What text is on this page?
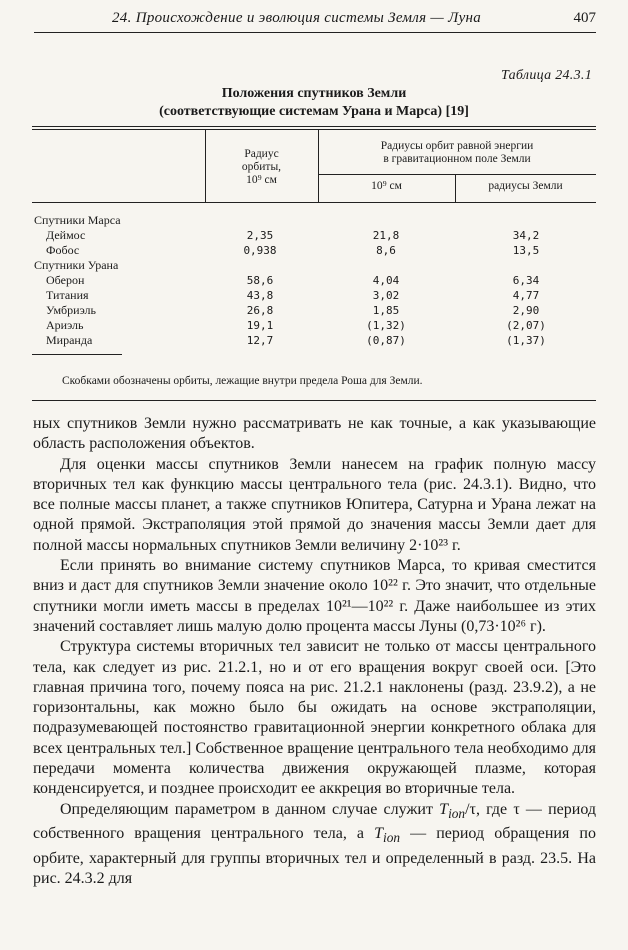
24. Происхождение и эволюция системы Земля — Луна	407
Таблица 24.3.1
Положения спутников Земли
(соответствующие системам Урана и Марса) [19]
Радиус
орбиты,
10⁹ см
Радиусы орбит равной энергии
в гравитационном поле Земли
10⁹ см	радиусы Земли
Спутники Марса
Деймос	2,35	21,8	34,2
Фобос	0,938	8,6	13,5
Спутники Урана
Оберон	58,6	4,04	6,34
Титания	43,8	3,02	4,77
Умбриэль	26,8	1,85	2,90
Ариэль	19,1	(1,32)	(2,07)
Миранда	12,7	(0,87)	(1,37)
Скобками обозначены орбиты, лежащие внутри предела Роша для Земли.

ных спутников Земли нужно рассматривать не как точные, а как указывающие область расположения объектов.

Для оценки массы спутников Земли нанесем на график полную массу вторичных тел как функцию массы центрального тела (рис. 24.3.1). Видно, что все полные массы планет, а также спутников Юпитера, Сатурна и Урана лежат на одной прямой. Экстраполяция этой прямой до значения массы Земли дает для полной массы нормальных спутников Земли величину 2·10²³ г.

Если принять во внимание систему спутников Марса, то кривая сместится вниз и даст для спутников Земли значение около 10²² г. Это значит, что отдельные спутники могли иметь массы в пределах 10²¹—10²² г. Даже наибольшее из этих значений составляет лишь малую долю процента массы Луны (0,73·10²⁶ г).

Структура системы вторичных тел зависит не только от массы центрального тела, как следует из рис. 21.2.1, но и от его вращения вокруг своей оси. [Это главная причина того, почему пояса на рис. 21.2.1 наклонены (разд. 23.9.2), а не горизонтальны, как можно было бы ожидать на основе экстраполяции, подразумевающей постоянство гравитационной энергии конкретного облака для всех центральных тел.] Собственное вращение центрального тела необходимо для передачи момента количества движения окружающей плазме, которая конденсируется, и позднее происходит ее аккреция во вторичные тела.

Определяющим параметром в данном случае служит $T_{ion}/\tau$, где τ — период собственного вращения центрального тела, а $T_{ion}$ — период обращения по орбите, характерный для группы вторичных тел и определенный в разд. 23.5. На рис. 24.3.2 для
